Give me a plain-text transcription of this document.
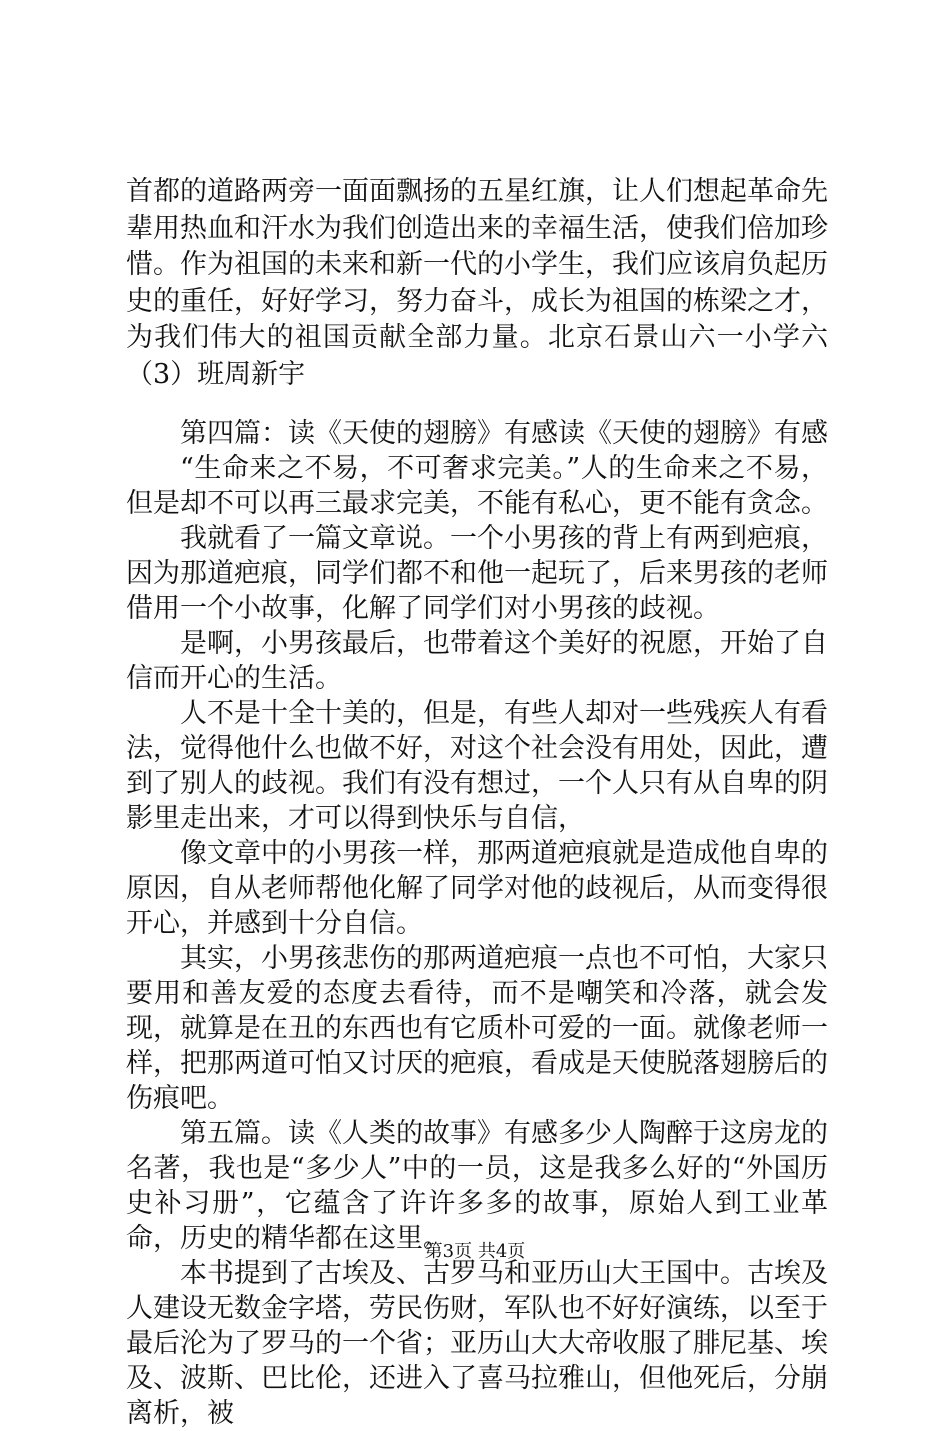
首都的道路两旁一面面飘扬的五星红旗，让人们想起革命先辈用热血和汗水为我们创造出来的幸福生活，使我们倍加珍惜。作为祖国的未来和新一代的小学生，我们应该肩负起历史的重任，好好学习，努力奋斗，成长为祖国的栋梁之才，为我们伟大的祖国贡献全部力量。北京石景山六一小学六（3）班周新宇

第四篇：读《天使的翅膀》有感读《天使的翅膀》有感

“生命来之不易，不可奢求完美。”人的生命来之不易，但是却不可以再三最求完美，不能有私心，更不能有贪念。

我就看了一篇文章说。一个小男孩的背上有两到疤痕，因为那道疤痕，同学们都不和他一起玩了，后来男孩的老师借用一个小故事，化解了同学们对小男孩的歧视。

是啊，小男孩最后，也带着这个美好的祝愿，开始了自信而开心的生活。

人不是十全十美的，但是，有些人却对一些残疾人有看法，觉得他什么也做不好，对这个社会没有用处，因此，遭到了别人的歧视。我们有没有想过，一个人只有从自卑的阴影里走出来，才可以得到快乐与自信，

像文章中的小男孩一样，那两道疤痕就是造成他自卑的原因，自从老师帮他化解了同学对他的歧视后，从而变得很开心，并感到十分自信。

其实，小男孩悲伤的那两道疤痕一点也不可怕，大家只要用和善友爱的态度去看待，而不是嘲笑和冷落，就会发现，就算是在丑的东西也有它质朴可爱的一面。就像老师一样，把那两道可怕又讨厌的疤痕，看成是天使脱落翅膀后的伤痕吧。

第五篇。读《人类的故事》有感多少人陶醉于这房龙的名著，我也是“多少人”中的一员，这是我多么好的“外国历史补习册”，它蕴含了许许多多的故事，原始人到工业革命，历史的精华都在这里。

本书提到了古埃及、古罗马和亚历山大王国中。古埃及人建设无数金字塔，劳民伤财，军队也不好好演练，以至于最后沦为了罗马的一个省；亚历山大大帝收服了腓尼基、埃及、波斯、巴比伦，还进入了喜马拉雅山，但他死后，分崩离析，被

第3页 共4页
